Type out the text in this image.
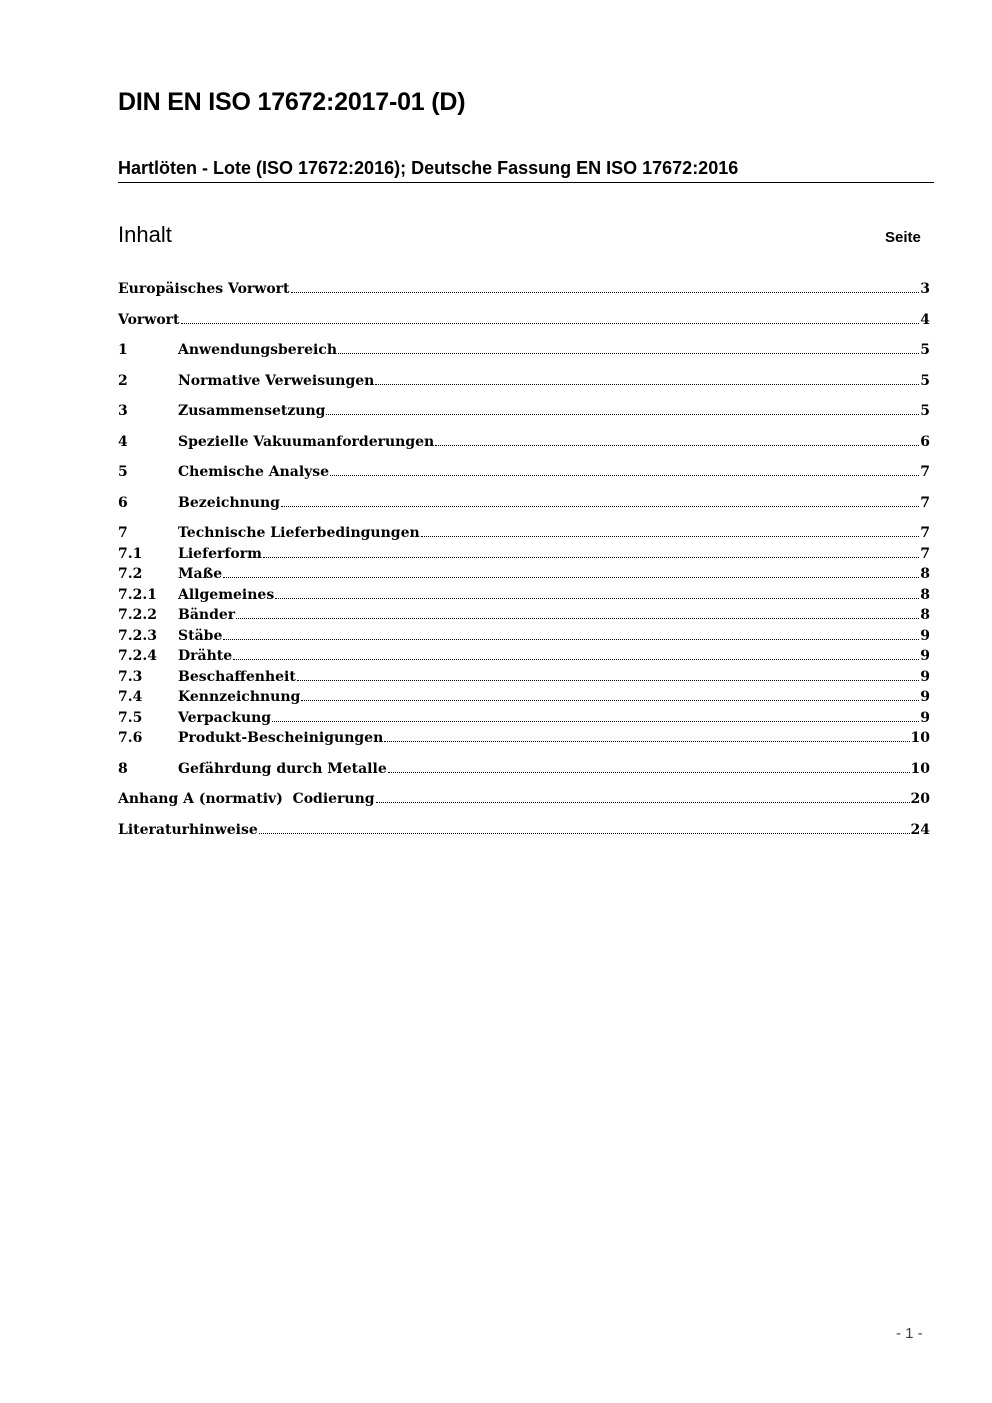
DIN EN ISO 17672:2017-01 (D)
Hartlöten - Lote (ISO 17672:2016); Deutsche Fassung EN ISO 17672:2016
Inhalt	Seite
Europäisches Vorwort	3
Vorwort	4
1	Anwendungsbereich	5
2	Normative Verweisungen	5
3	Zusammensetzung	5
4	Spezielle Vakuumanforderungen	6
5	Chemische Analyse	7
6	Bezeichnung	7
7	Technische Lieferbedingungen	7
7.1	Lieferform	7
7.2	Maße	8
7.2.1	Allgemeines	8
7.2.2	Bänder	8
7.2.3	Stäbe	9
7.2.4	Drähte	9
7.3	Beschaffenheit	9
7.4	Kennzeichnung	9
7.5	Verpackung	9
7.6	Produkt-Bescheinigungen	10
8	Gefährdung durch Metalle	10
Anhang A (normativ)  Codierung	20
Literaturhinweise	24
- 1 -
